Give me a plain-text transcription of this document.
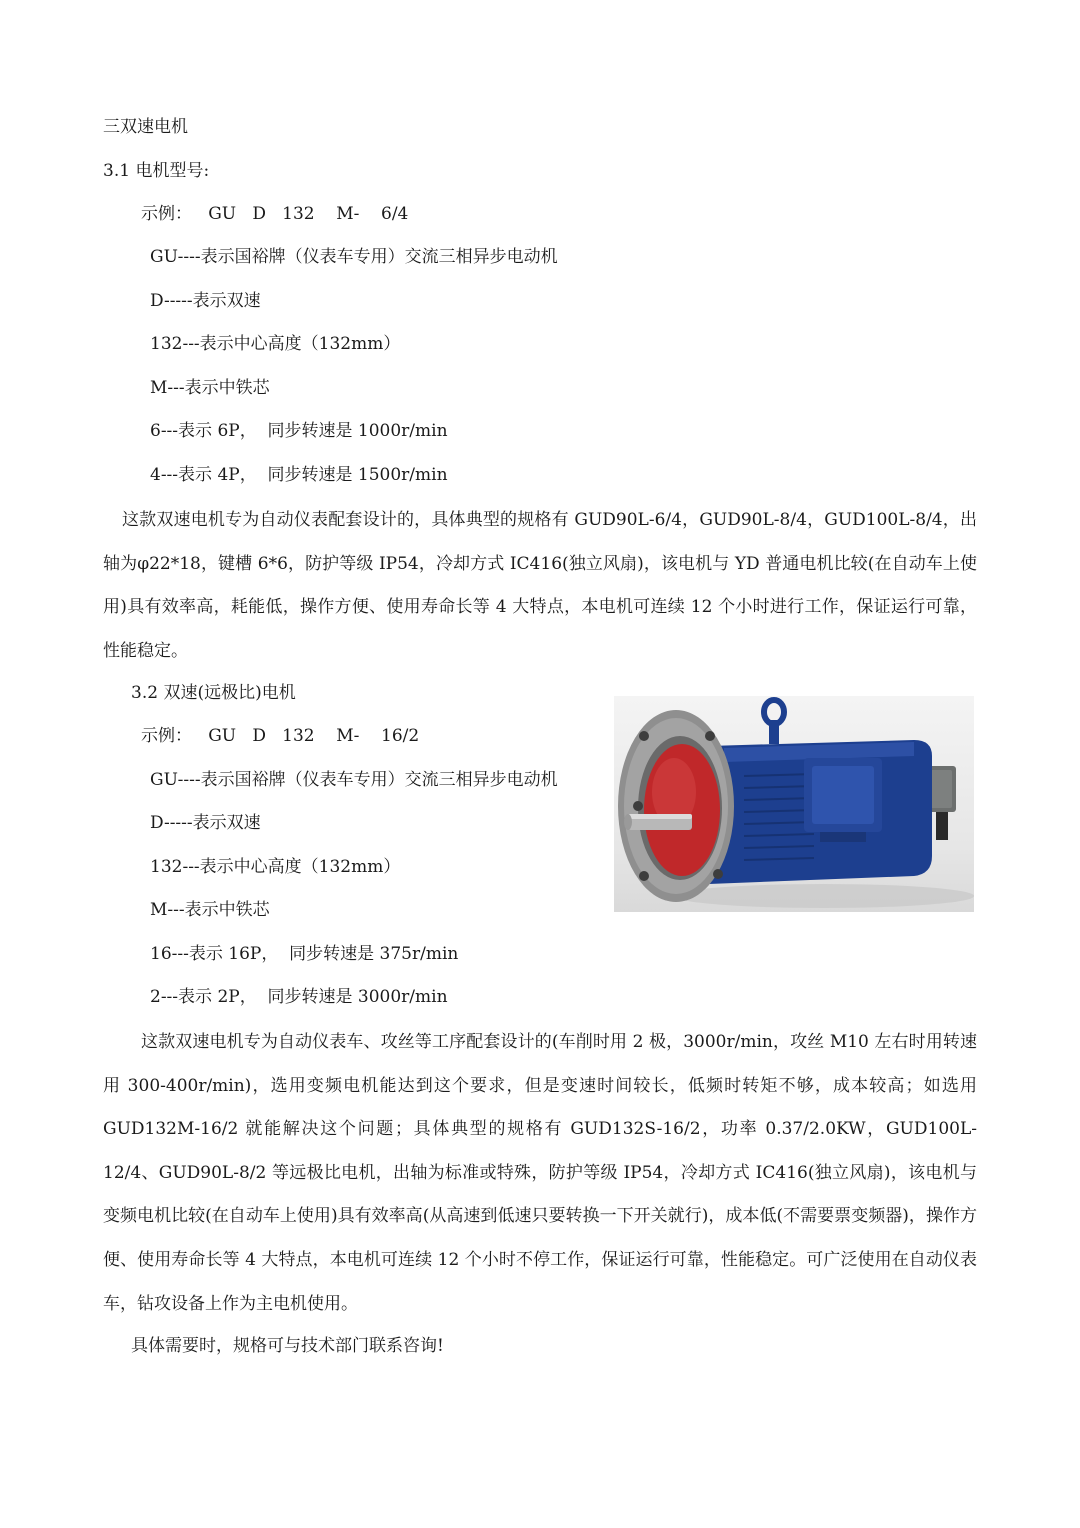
三双速电机
3.1 电机型号:
示例：   GU   D   132    M-    6/4
GU----表示国裕牌（仪表车专用）交流三相异步电动机
D-----表示双速
132---表示中心高度（132mm）
M---表示中铁芯
6---表示 6P，  同步转速是 1000r/min
4---表示 4P，  同步转速是 1500r/min
这款双速电机专为自动仪表配套设计的，具体典型的规格有 GUD90L-6/4，GUD90L-8/4，GUD100L-8/4，出轴为φ22*18，键槽 6*6，防护等级 IP54，冷却方式 IC416(独立风扇)，该电机与 YD 普通电机比较(在自动车上使用)具有效率高，耗能低，操作方便、使用寿命长等 4 大特点，本电机可连续 12 个小时进行工作，保证运行可靠，性能稳定。
3.2 双速(远极比)电机
示例：   GU   D   132    M-    16/2
GU----表示国裕牌（仪表车专用）交流三相异步电动机
D-----表示双速
132---表示中心高度（132mm）
M---表示中铁芯
16---表示 16P，  同步转速是 375r/min
2---表示 2P，  同步转速是 3000r/min
这款双速电机专为自动仪表车、攻丝等工序配套设计的(车削时用 2 极，3000r/min，攻丝 M10 左右时用转速用 300-400r/min)，选用变频电机能达到这个要求，但是变速时间较长，低频时转矩不够，成本较高；如选用 GUD132M-16/2 就能解决这个问题；具体典型的规格有 GUD132S-16/2，功率 0.37/2.0KW，GUD100L-12/4、GUD90L-8/2 等远极比电机，出轴为标准或特殊，防护等级 IP54，冷却方式 IC416(独立风扇)，该电机与变频电机比较(在自动车上使用)具有效率高(从高速到低速只要转换一下开关就行)，成本低(不需要票变频器)，操作方便、使用寿命长等 4 大特点，本电机可连续 12 个小时不停工作，保证运行可靠，性能稳定。可广泛使用在自动仪表车，钻攻设备上作为主电机使用。
具体需要时，规格可与技术部门联系咨询!
